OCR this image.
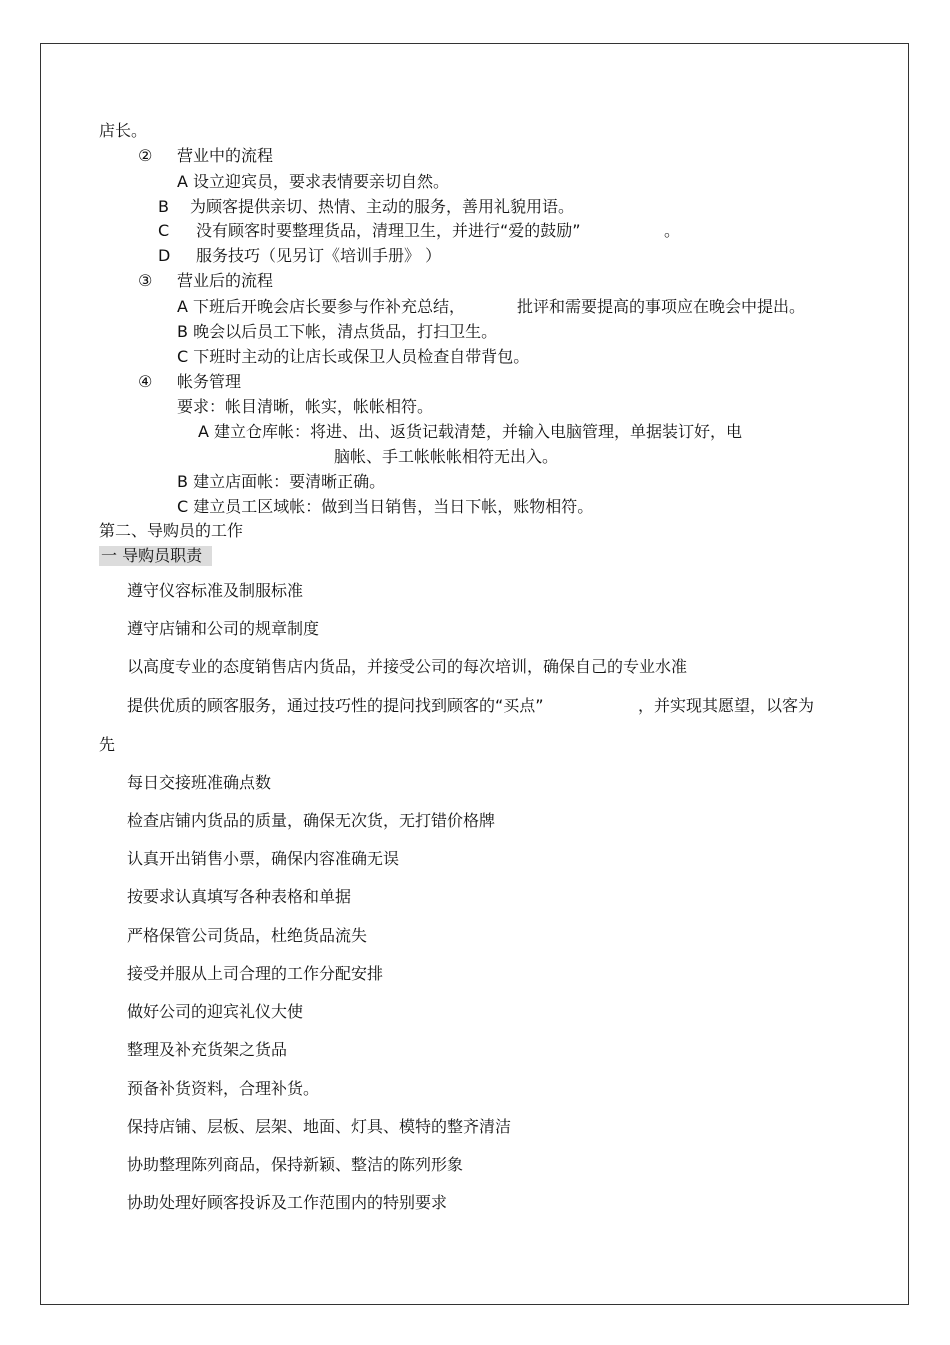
店长。
② 营业中的流程
A 设立迎宾员，要求表情要亲切自然。
B 为顾客提供亲切、热情、主动的服务，善用礼貌用语。
C 没有顾客时要整理货品，清理卫生，并进行“爱的鼓励”	。
D 服务技巧（见另订《培训手册》 ）
③ 营业后的流程
A 下班后开晚会店长要参与作补充总结，	批评和需要提高的事项应在晚会中提出。
B 晚会以后员工下帐，清点货品，打扫卫生。
C 下班时主动的让店长或保卫人员检查自带背包。
④ 帐务管理
要求：帐目清晰，帐实，帐帐相符。
A 建立仓库帐：将进、出、返货记载清楚，并输入电脑管理，单据装订好，电
脑帐、手工帐帐帐相符无出入。
B 建立店面帐：要清晰正确。
C 建立员工区域帐：做到当日销售，当日下帐，账物相符。
第二、导购员的工作
一 导购员职责
遵守仪容标准及制服标准
遵守店铺和公司的规章制度
以高度专业的态度销售店内货品，并接受公司的每次培训，确保自己的专业水准
提供优质的顾客服务，通过技巧性的提问找到顾客的“买点”	，并实现其愿望，以客为
先
每日交接班准确点数
检查店铺内货品的质量，确保无次货，无打错价格牌
认真开出销售小票，确保内容准确无误
按要求认真填写各种表格和单据
严格保管公司货品，杜绝货品流失
接受并服从上司合理的工作分配安排
做好公司的迎宾礼仪大使
整理及补充货架之货品
预备补货资料，合理补货。
保持店铺、层板、层架、地面、灯具、模特的整齐清洁
协助整理陈列商品，保持新颖、整洁的陈列形象
协助处理好顾客投诉及工作范围内的特别要求
